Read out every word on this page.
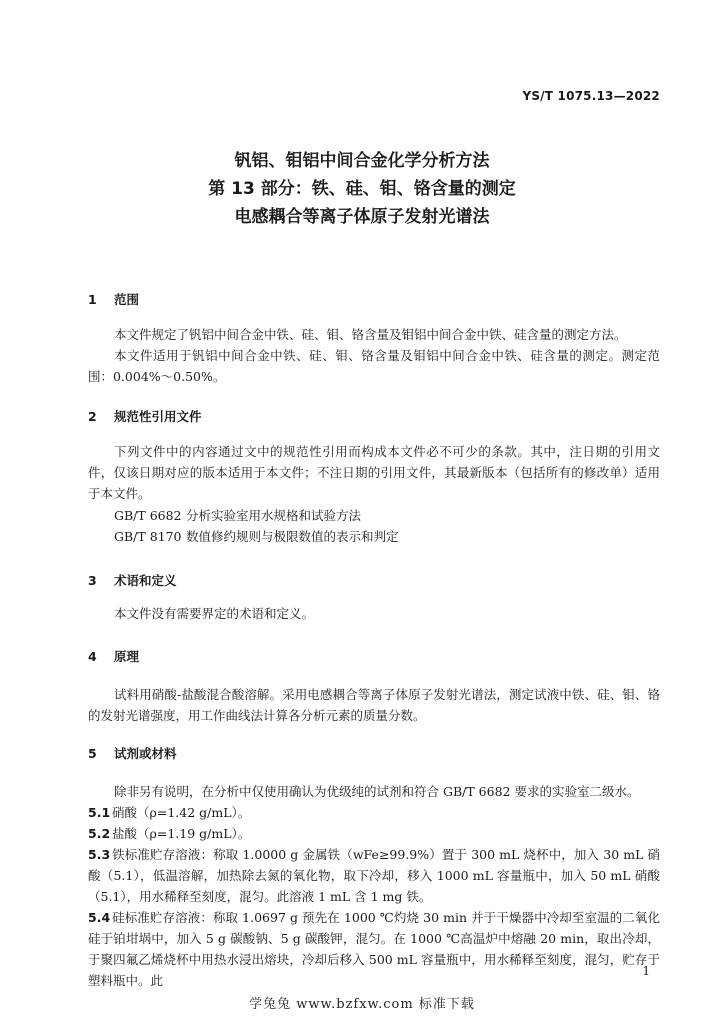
YS/T 1075.13—2022
钒铝、钼铝中间合金化学分析方法
第 13 部分：铁、硅、钼、铬含量的测定
电感耦合等离子体原子发射光谱法
1 范围
本文件规定了钒铝中间合金中铁、硅、钼、铬含量及钼铝中间合金中铁、硅含量的测定方法。
本文件适用于钒铝中间合金中铁、硅、钼、铬含量及钼铝中间合金中铁、硅含量的测定。测定范围：0.004%～0.50%。
2 规范性引用文件
下列文件中的内容通过文中的规范性引用而构成本文件必不可少的条款。其中，注日期的引用文件，仅该日期对应的版本适用于本文件；不注日期的引用文件，其最新版本（包括所有的修改单）适用于本文件。
GB/T 6682 分析实验室用水规格和试验方法
GB/T 8170 数值修约规则与极限数值的表示和判定
3 术语和定义
本文件没有需要界定的术语和定义。
4 原理
试料用硝酸-盐酸混合酸溶解。采用电感耦合等离子体原子发射光谱法，测定试液中铁、硅、钼、铬的发射光谱强度，用工作曲线法计算各分析元素的质量分数。
5 试剂或材料
除非另有说明，在分析中仅使用确认为优级纯的试剂和符合 GB/T 6682 要求的实验室二级水。
5.1 硝酸（ρ=1.42 g/mL）。
5.2 盐酸（ρ=1.19 g/mL）。
5.3 铁标准贮存溶液：称取 1.0000 g 金属铁（wFe≥99.9%）置于 300 mL 烧杯中，加入 30 mL 硝酸（5.1），低温溶解，加热除去氮的氧化物，取下冷却，移入 1000 mL 容量瓶中，加入 50 mL 硝酸（5.1），用水稀释至刻度，混匀。此溶液 1 mL 含 1 mg 铁。
5.4 硅标准贮存溶液：称取 1.0697 g 预先在 1000 ℃灼烧 30 min 并于干燥器中冷却至室温的二氧化硅于铂坩埚中，加入 5 g 碳酸钠、5 g 碳酸钾，混匀。在 1000 ℃高温炉中熔融 20 min，取出冷却，于聚四氟乙烯烧杯中用热水浸出熔块，冷却后移入 500 mL 容量瓶中，用水稀释至刻度，混匀，贮存于塑料瓶中。此
1
学兔兔 www.bzfxw.com 标准下载
